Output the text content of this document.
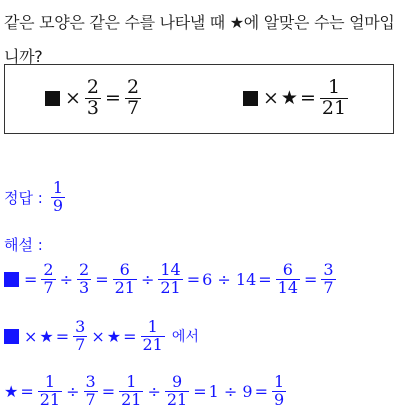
같은 모양은 같은 수를 나타낼 때 ★에 알맞은 수는 얼마입니까?
× $\frac{2}{3} = \frac{2}{7}$	× ★ = $\frac{1}{21}$
정답 : $\frac{1}{9}$
해설 :
= $\frac{2}{7} \div \frac{2}{3} = \frac{6}{21} \div \frac{14}{21} = 6 \div 14 = \frac{6}{14} = \frac{3}{7}$
× ★ = $\frac{3}{7}$ × ★ = $\frac{1}{21}$ 에서
★ = $\frac{1}{21} \div \frac{3}{7} = \frac{1}{21} \div \frac{9}{21} = 1 \div 9 = \frac{1}{9}$
